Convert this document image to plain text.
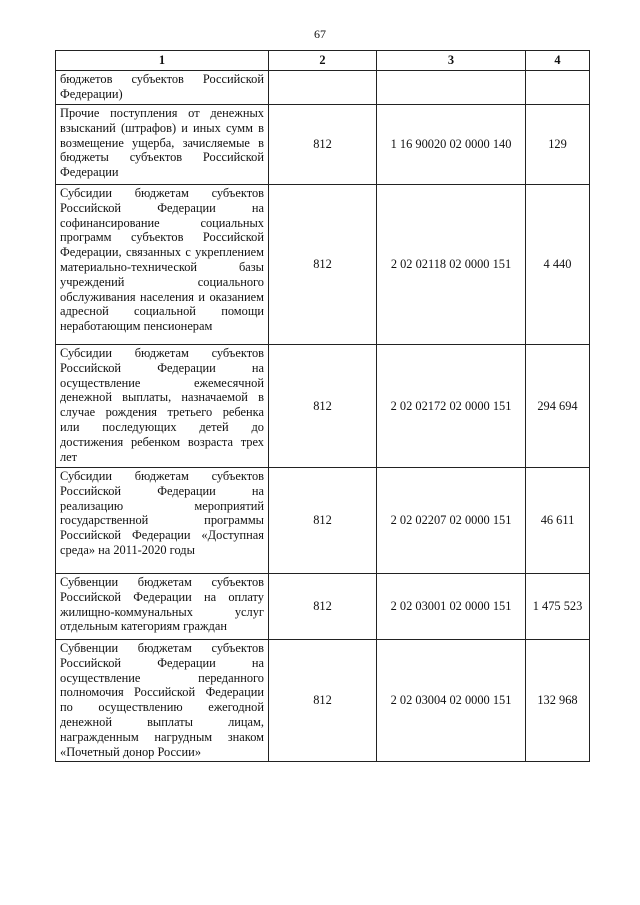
67
1	2	3	4
бюджетов субъектов Российской Федерации)			
Прочие поступления от денежных взысканий (штрафов) и иных сумм в возмещение ущерба, зачисляемые в бюджеты субъектов Российской Федерации	812	1 16 90020 02 0000 140	129
Субсидии бюджетам субъектов Российской Федерации на софинансирование социальных программ субъектов Российской Федерации, связанных с укреплением материально-технической базы учреждений социального обслуживания населения и оказанием адресной социальной помощи неработающим пенсионерам	812	2 02 02118 02 0000 151	4 440
Субсидии бюджетам субъектов Российской Федерации на осуществление ежемесячной денежной выплаты, назначаемой в случае рождения третьего ребенка или последующих детей до достижения ребенком возраста трех лет	812	2 02 02172 02 0000 151	294 694
Субсидии бюджетам субъектов Российской Федерации на реализацию мероприятий государственной программы Российской Федерации «Доступная среда» на 2011-2020 годы	812	2 02 02207 02 0000 151	46 611
Субвенции бюджетам субъектов Российской Федерации на оплату жилищно-коммунальных услуг отдельным категориям граждан	812	2 02 03001 02 0000 151	1 475 523
Субвенции бюджетам субъектов Российской Федерации на осуществление переданного полномочия Российской Федерации по осуществлению ежегодной денежной выплаты лицам, награжденным нагрудным знаком «Почетный донор России»	812	2 02 03004 02 0000 151	132 968
